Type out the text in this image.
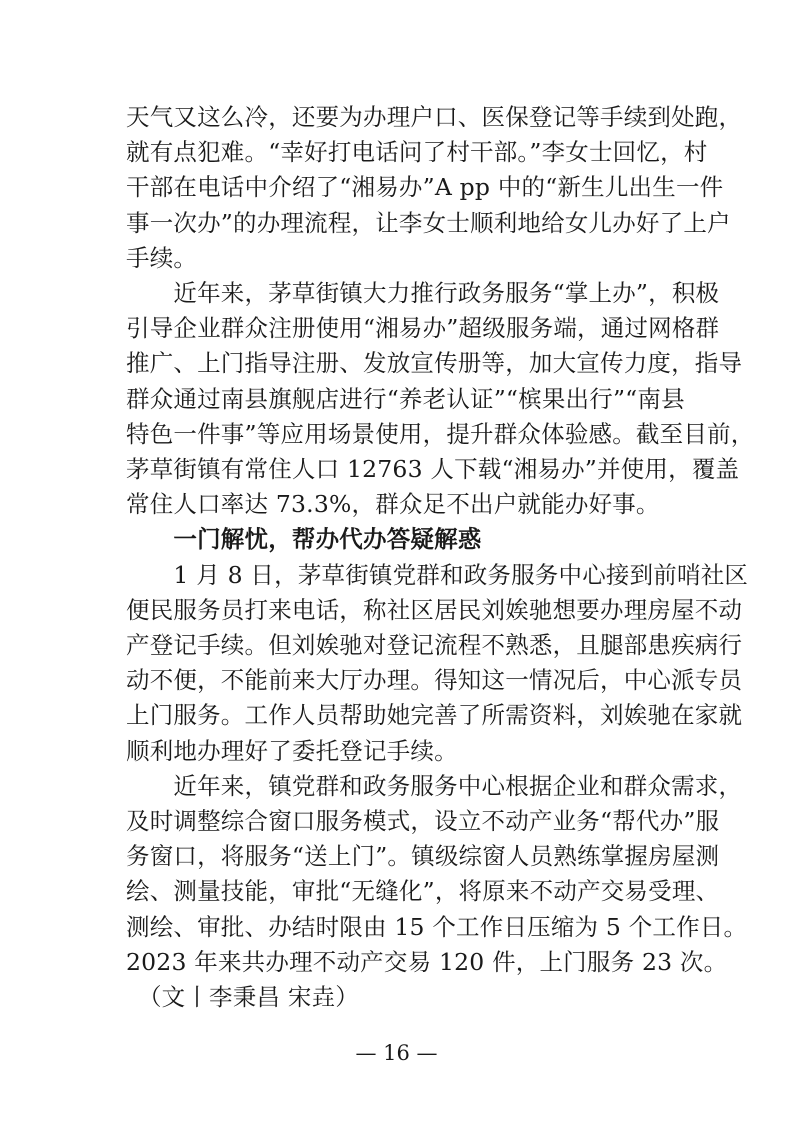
天气又这么冷，还要为办理户口、医保登记等手续到处跑，
就有点犯难。“幸好打电话问了村干部。”李女士回忆，村
干部在电话中介绍了“湘易办”A pp 中的“新生儿出生一件
事一次办”的办理流程，让李女士顺利地给女儿办好了上户
手续。
　　近年来，茅草街镇大力推行政务服务“掌上办”，积极
引导企业群众注册使用“湘易办”超级服务端，通过网格群
推广、上门指导注册、发放宣传册等，加大宣传力度，指导
群众通过南县旗舰店进行“养老认证”“槟果出行”“南县
特色一件事”等应用场景使用，提升群众体验感。截至目前，
茅草街镇有常住人口 12763 人下载“湘易办”并使用，覆盖
常住人口率达 73.3%，群众足不出户就能办好事。
　　一门解忧，帮办代办答疑解惑
　　1 月 8 日，茅草街镇党群和政务服务中心接到前哨社区
便民服务员打来电话，称社区居民刘娭驰想要办理房屋不动
产登记手续。但刘娭驰对登记流程不熟悉，且腿部患疾病行
动不便，不能前来大厅办理。得知这一情况后，中心派专员
上门服务。工作人员帮助她完善了所需资料，刘娭驰在家就
顺利地办理好了委托登记手续。
　　近年来，镇党群和政务服务中心根据企业和群众需求，
及时调整综合窗口服务模式，设立不动产业务“帮代办”服
务窗口，将服务“送上门”。镇级综窗人员熟练掌握房屋测
绘、测量技能，审批“无缝化”，将原来不动产交易受理、
测绘、审批、办结时限由 15 个工作日压缩为 5 个工作日。
2023 年来共办理不动产交易 120 件，上门服务 23 次。
　（文丨李秉昌 宋垚）
— 16 —
